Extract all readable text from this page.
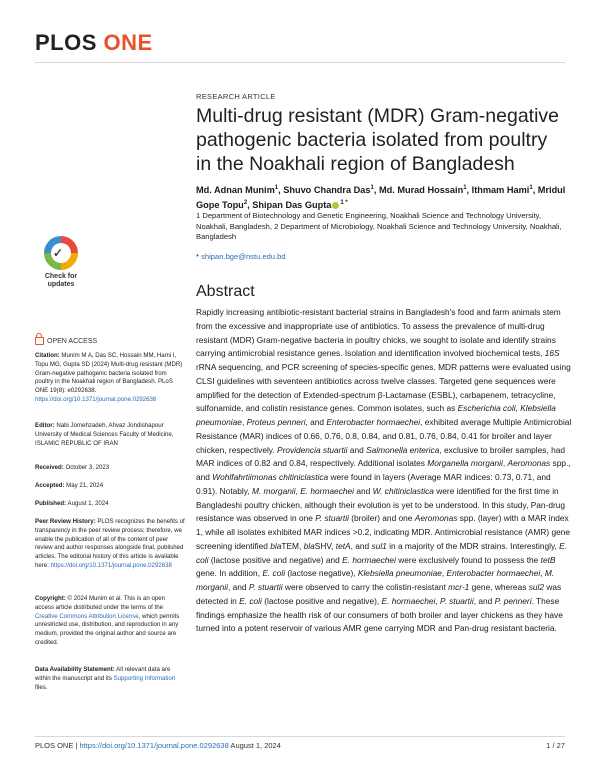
PLOS ONE
RESEARCH ARTICLE
Multi-drug resistant (MDR) Gram-negative pathogenic bacteria isolated from poultry in the Noakhali region of Bangladesh
Md. Adnan Munim$^1$, Shuvo Chandra Das$^1$, Md. Murad Hossain$^1$, Ithmam Hami$^1$, Mridul Gope Topu$^2$, Shipan Das Gupta $^{1 *}$
1 Department of Biotechnology and Genetic Engineering, Noakhali Science and Technology University, Noakhali, Bangladesh, 2 Department of Microbiology, Noakhali Science and Technology University, Noakhali, Bangladesh
* shipan.bge@nstu.edu.bd
✓
Check for
updates
OPEN ACCESS
Citation: Munim M A, Das SC, Hossain MM, Hami I, Topu MG, Gupta SD (2024) Multi-drug resistant (MDR) Gram-negative pathogenic bacteria isolated from poultry in the Noakhali region of Bangladesh. PLoS ONE 19(8): e0292638. https://doi.org/10.1371/journal.pone.0292638
Editor: Nabi Jomehzadeh, Ahvaz Jondishapour University of Medical Sciences Faculty of Medicine, ISLAMIC REPUBLIC OF IRAN
Received: October 3, 2023
Accepted: May 21, 2024
Published: August 1, 2024
Peer Review History: PLOS recognizes the benefits of transparency in the peer review process; therefore, we enable the publication of all of the content of peer review and author responses alongside final, published articles. The editorial history of this article is available here: https://doi.org/10.1371/journal.pone.0292638
Copyright: © 2024 Munim et al. This is an open access article distributed under the terms of the Creative Commons Attribution License, which permits unrestricted use, distribution, and reproduction in any medium, provided the original author and source are credited.
Data Availability Statement: All relevant data are within the manuscript and its Supporting Information files.
Abstract
Rapidly increasing antibiotic-resistant bacterial strains in Bangladesh's food and farm animals stem from the excessive and inappropriate use of antibiotics. To assess the prevalence of multi-drug resistant (MDR) Gram-negative bacteria in poultry chicks, we sought to isolate and identify strains carrying antimicrobial resistance genes. Isolation and identification involved biochemical tests, 16S rRNA sequencing, and PCR screening of species-specific genes. MDR patterns were evaluated using CLSI guidelines with seventeen antibiotics across twelve classes. Targeted gene sequences were amplified for the detection of Extended-spectrum β-Lactamase (ESBL), carbapenem, tetracycline, sulfonamide, and colistin resistance genes. Common isolates, such as Escherichia coli, Klebsiella pneumoniae, Proteus penneri, and Enterobacter hormaechei, exhibited average Multiple Antimicrobial Resistance (MAR) indices of 0.66, 0.76, 0.8, 0.84, and 0.81, 0.76, 0.84, 0.41 for broiler and layer chicken, respectively. Providencia stuartii and Salmonella enterica, exclusive to broiler samples, had MAR indices of 0.82 and 0.84, respectively. Additional isolates Morganella morganii, Aeromonas spp., and Wohlfahrtiimonas chitiniclastica were found in layers (Average MAR indices: 0.73, 0.71, and 0.91). Notably, M. morganii, E. hormaechei and W. chitiniclastica were identified for the first time in Bangladeshi poultry chicken, although their evolution is yet to be understood. In this study, Pan-drug resistance was observed in one P. stuartii (broiler) and one Aeromonas spp. (layer) with a MAR index 1, while all isolates exhibited MAR indices >0.2, indicating MDR. Antimicrobial resistance (AMR) gene screening identified blaTEM, blaSHV, tetA, and sul1 in a majority of the MDR strains. Interestingly, E. coli (lactose positive and negative) and E. hormaechei were exclusively found to possess the tetB gene. In addition, E. coli (lactose negative), Klebsiella pneumoniae, Enterobacter hormaechei, M. morganii, and P. stuartii were observed to carry the colistin-resistant mcr-1 gene, whereas sul2 was detected in E. coli (lactose positive and negative), E. hormaechei, P. stuartii, and P. penneri. These findings emphasize the health risk of our consumers of both broiler and layer chickens as they have turned into a potent reservoir of various AMR gene carrying MDR and Pan-drug resistant bacteria.
PLOS ONE | https://doi.org/10.1371/journal.pone.0292638 August 1, 2024	1 / 27
